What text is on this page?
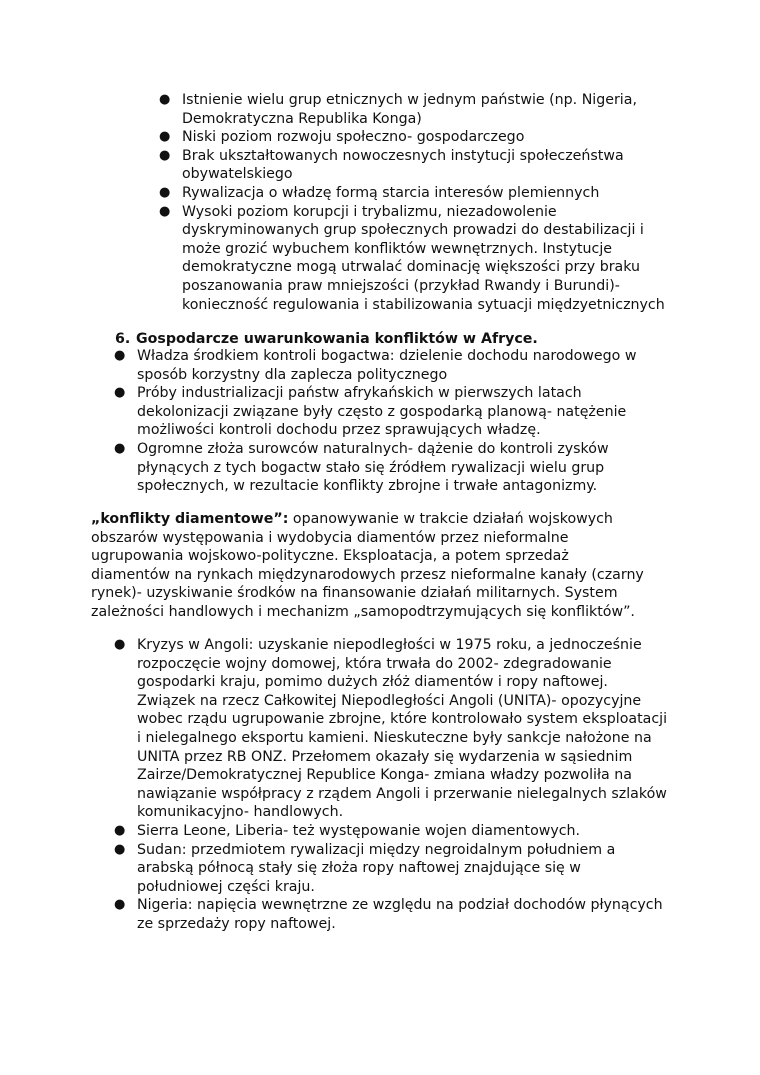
● Istnienie wielu grup etnicznych w jednym państwie (np. Nigeria, Demokratyczna Republika Konga)
● Niski poziom rozwoju społeczno- gospodarczego
● Brak ukształtowanych nowoczesnych instytucji społeczeństwa obywatelskiego
● Rywalizacja o władzę formą starcia interesów plemiennych
● Wysoki poziom korupcji i trybalizmu, niezadowolenie dyskryminowanych grup społecznych prowadzi do destabilizacji i może grozić wybuchem konfliktów wewnętrznych. Instytucje demokratyczne mogą utrwalać dominację większości przy braku poszanowania praw mniejszości (przykład Rwandy i Burundi)- konieczność regulowania i stabilizowania sytuacji międzyetnicznych
6. Gospodarcze uwarunkowania konfliktów w Afryce.
● Władza środkiem kontroli bogactwa: dzielenie dochodu narodowego w sposób korzystny dla zaplecza politycznego
● Próby industrializacji państw afrykańskich w pierwszych latach dekolonizacji związane były często z gospodarką planową- natężenie możliwości kontroli dochodu przez sprawujących władzę.
● Ogromne złoża surowców naturalnych- dążenie do kontroli zysków płynących z tych bogactw stało się źródłem rywalizacji wielu grup społecznych, w rezultacie konflikty zbrojne i trwałe antagonizmy.
„konflikty diamentowe”: opanowywanie w trakcie działań wojskowych obszarów występowania i wydobycia diamentów przez nieformalne ugrupowania wojskowo-polityczne. Eksploatacja, a potem sprzedaż diamentów na rynkach międzynarodowych przesz nieformalne kanały (czarny rynek)- uzyskiwanie środków na finansowanie działań militarnych. System zależności handlowych i mechanizm „samopodtrzymujących się konfliktów”.
● Kryzys w Angoli: uzyskanie niepodległości w 1975 roku, a jednocześnie rozpoczęcie wojny domowej, która trwała do 2002- zdegradowanie gospodarki kraju, pomimo dużych złóż diamentów i ropy naftowej. Związek na rzecz Całkowitej Niepodległości Angoli (UNITA)- opozycyjne wobec rządu ugrupowanie zbrojne, które kontrolowało system eksploatacji i nielegalnego eksportu kamieni. Nieskuteczne były sankcje nałożone na UNITA przez RB ONZ. Przełomem okazały się wydarzenia w sąsiednim Zairze/Demokratycznej Republice Konga- zmiana władzy pozwoliła na nawiązanie współpracy z rządem Angoli i przerwanie nielegalnych szlaków komunikacyjno- handlowych.
● Sierra Leone, Liberia- też występowanie wojen diamentowych.
● Sudan: przedmiotem rywalizacji między negroidalnym południem a arabską północą stały się złoża ropy naftowej znajdujące się w południowej części kraju.
● Nigeria: napięcia wewnętrzne ze względu na podział dochodów płynących ze sprzedaży ropy naftowej.
